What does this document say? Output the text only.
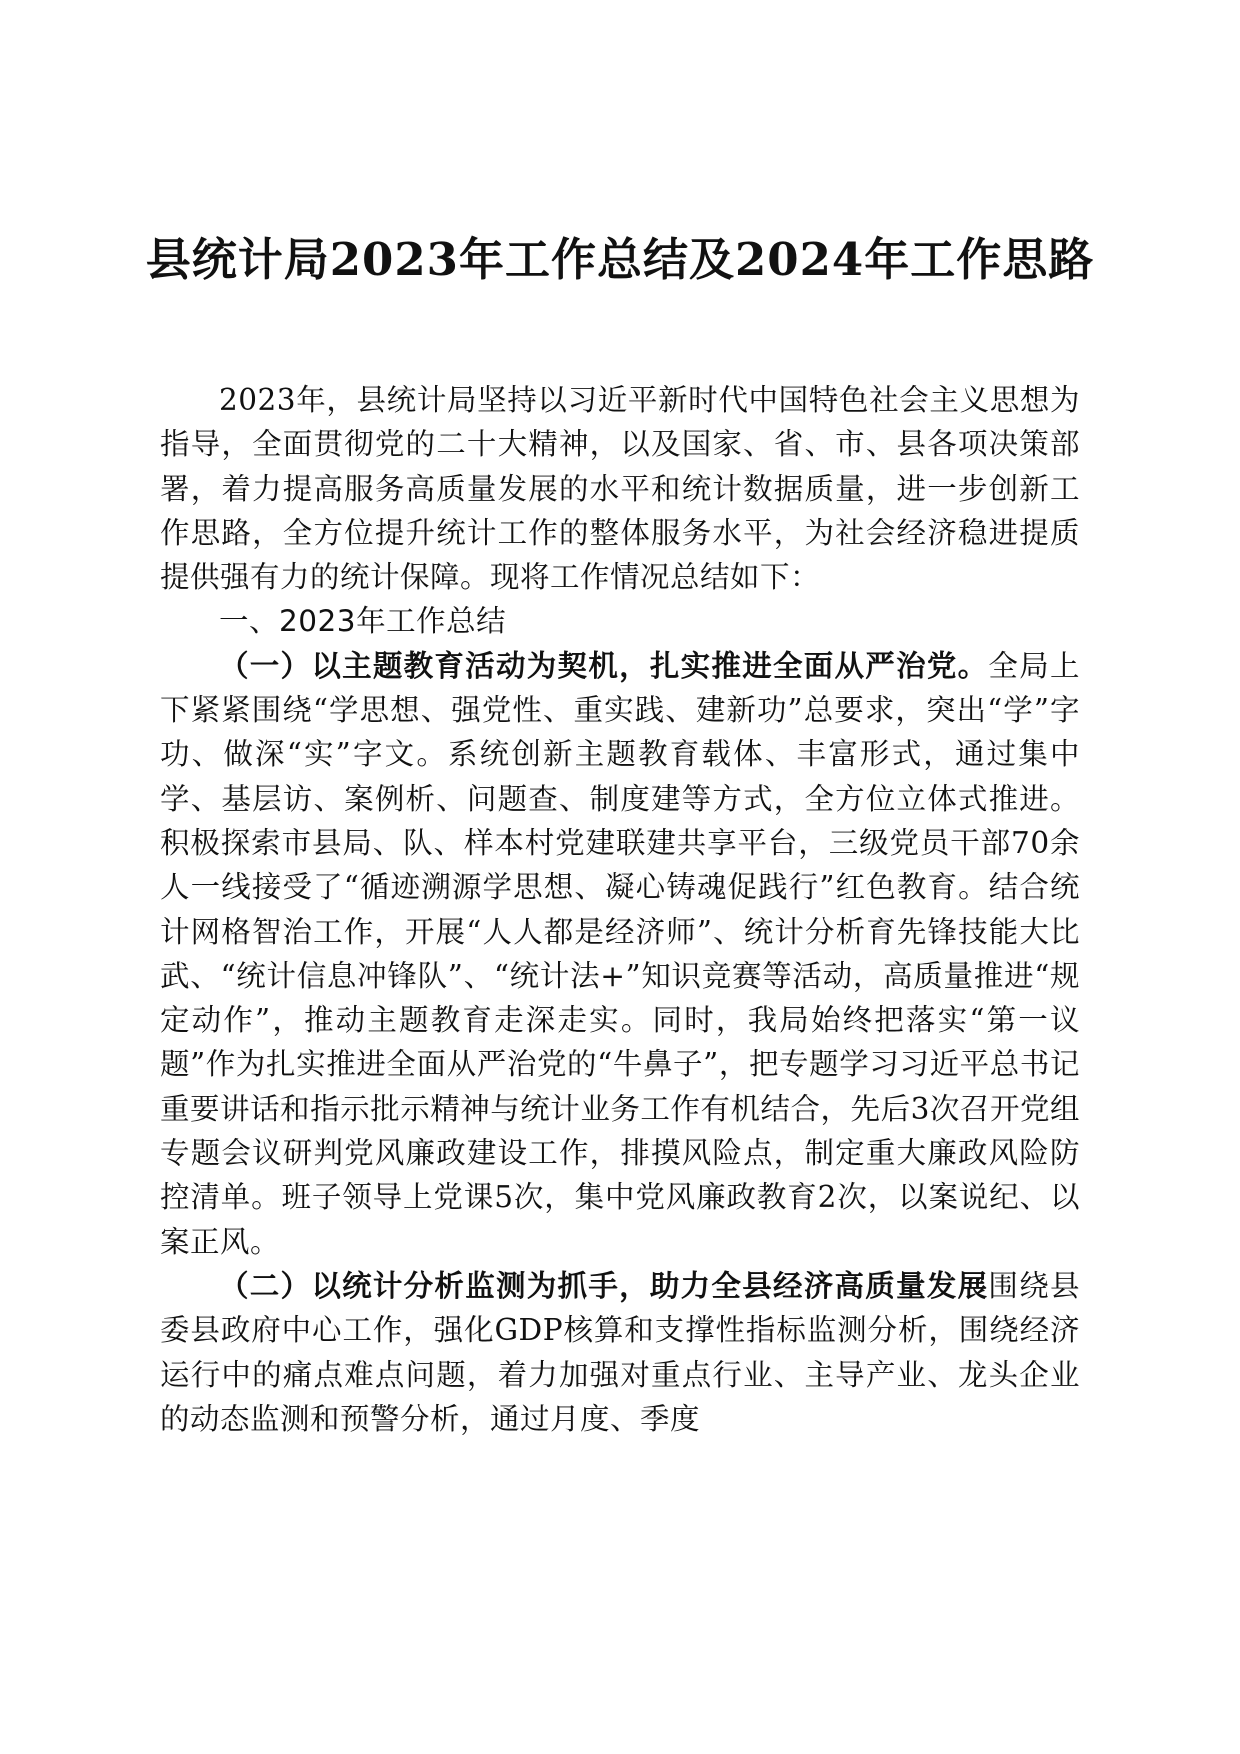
县统计局2023年工作总结及2024年工作思路

2023年，县统计局坚持以习近平新时代中国特色社会主义思想为指导，全面贯彻党的二十大精神，以及国家、省、市、县各项决策部署，着力提高服务高质量发展的水平和统计数据质量，进一步创新工作思路，全方位提升统计工作的整体服务水平，为社会经济稳进提质提供强有力的统计保障。现将工作情况总结如下：

一、2023年工作总结

（一）以主题教育活动为契机，扎实推进全面从严治党。全局上下紧紧围绕“学思想、强党性、重实践、建新功”总要求，突出“学”字功、做深“实”字文。系统创新主题教育载体、丰富形式，通过集中学、基层访、案例析、问题查、制度建等方式，全方位立体式推进。积极探索市县局、队、样本村党建联建共享平台，三级党员干部70余人一线接受了“循迹溯源学思想、凝心铸魂促践行”红色教育。结合统计网格智治工作，开展“人人都是经济师”、统计分析育先锋技能大比武、“统计信息冲锋队”、“统计法+”知识竞赛等活动，高质量推进“规定动作”，推动主题教育走深走实。同时，我局始终把落实“第一议题”作为扎实推进全面从严治党的“牛鼻子”，把专题学习习近平总书记重要讲话和指示批示精神与统计业务工作有机结合，先后3次召开党组专题会议研判党风廉政建设工作，排摸风险点，制定重大廉政风险防控清单。班子领导上党课5次，集中党风廉政教育2次，以案说纪、以案正风。

（二）以统计分析监测为抓手，助力全县经济高质量发展围绕县委县政府中心工作，强化GDP核算和支撑性指标监测分析，围绕经济运行中的痛点难点问题，着力加强对重点行业、主导产业、龙头企业的动态监测和预警分析，通过月度、季度
